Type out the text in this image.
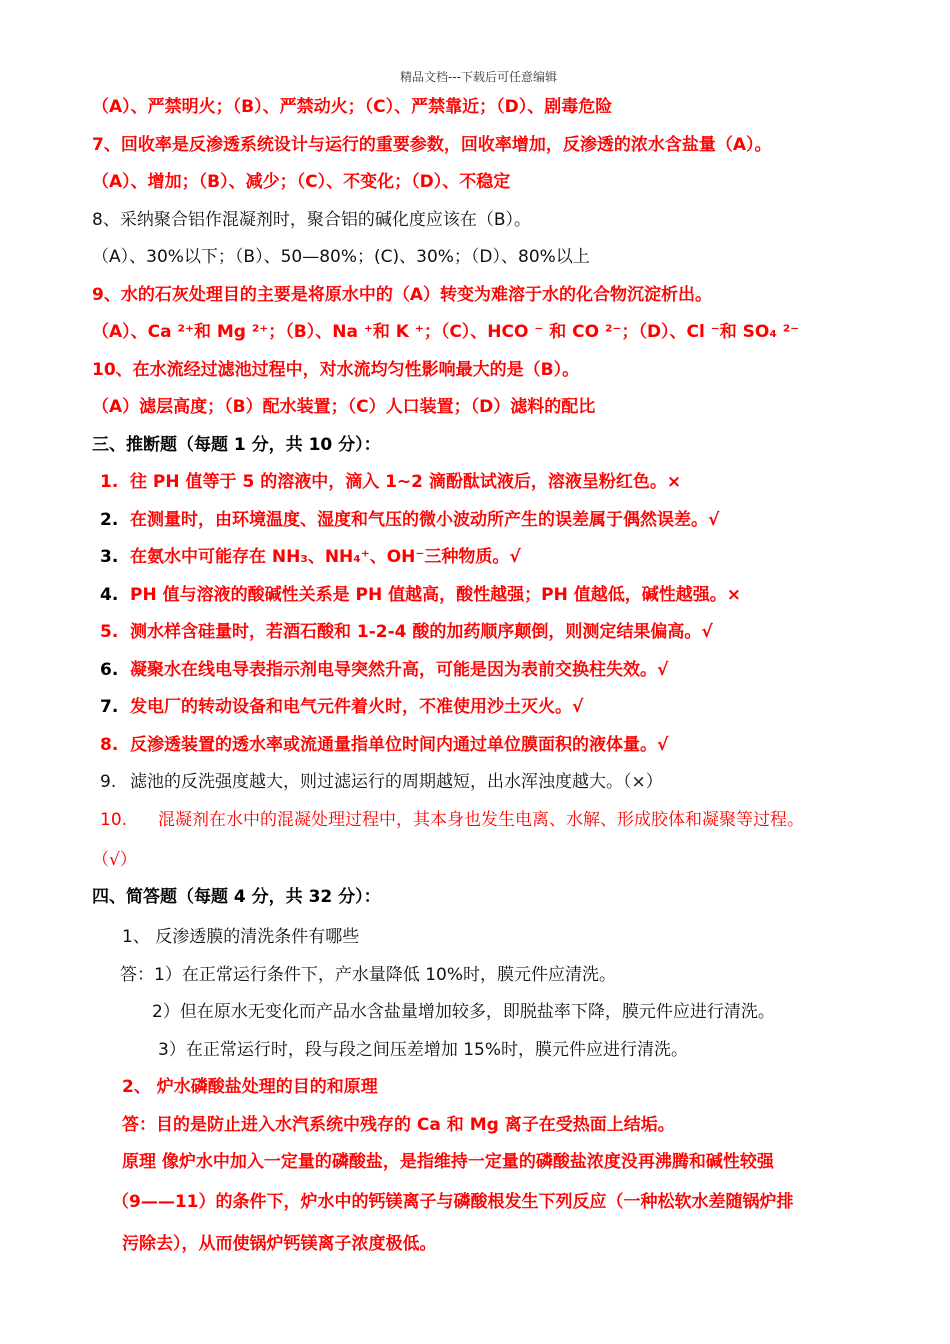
精品文档---下载后可任意编辑
（A）、严禁明火；（B）、严禁动火；（C）、严禁靠近；（D）、剧毒危险
7、回收率是反渗透系统设计与运行的重要参数，回收率增加，反渗透的浓水含盐量（A）。
（A）、增加；（B）、减少；（C）、不变化；（D）、不稳定
8、采纳聚合铝作混凝剂时，聚合铝的碱化度应该在（B）。
（A）、30%以下；（B）、50—80%；(C)、30%；（D）、80%以上
9、水的石灰处理目的主要是将原水中的（A）转变为难溶于水的化合物沉淀析出。
（A）、Ca ²⁺和 Mg ²⁺；（B）、Na ⁺和 K ⁺；（C）、HCO ⁻ 和 CO ²⁻；（D）、Cl ⁻和 SO₄ ²⁻
10、在水流经过滤池过程中，对水流均匀性影响最大的是（B）。
（A）滤层高度；（B）配水装置；（C）人口装置；（D）滤料的配比
三、推断题（每题 1 分，共 10 分）：
1. 往 PH 值等于 5 的溶液中，滴入 1~2 滴酚酞试液后，溶液呈粉红色。×
2. 在测量时，由环境温度、湿度和气压的微小波动所产生的误差属于偶然误差。√
3. 在氨水中可能存在 NH₃、NH₄⁺、OH⁻三种物质。√
4. PH 值与溶液的酸碱性关系是 PH 值越高，酸性越强；PH 值越低，碱性越强。×
5. 测水样含硅量时，若酒石酸和 1-2-4 酸的加药顺序颠倒，则测定结果偏高。√
6. 凝聚水在线电导表指示剂电导突然升高，可能是因为表前交换柱失效。√
7. 发电厂的转动设备和电气元件着火时，不准使用沙土灭火。√
8. 反渗透装置的透水率或流通量指单位时间内通过单位膜面积的液体量。√
9. 滤池的反洗强度越大，则过滤运行的周期越短，出水浑浊度越大。（×）
10. 混凝剂在水中的混凝处理过程中，其本身也发生电离、水解、形成胶体和凝聚等过程。
（√）
四、简答题（每题 4 分，共 32 分）：
1、 反渗透膜的清洗条件有哪些
答：1）在正常运行条件下，产水量降低 10%时，膜元件应清洗。
2）但在原水无变化而产品水含盐量增加较多，即脱盐率下降，膜元件应进行清洗。
3）在正常运行时，段与段之间压差增加 15%时，膜元件应进行清洗。
2、 炉水磷酸盐处理的目的和原理
答：目的是防止进入水汽系统中残存的 Ca 和 Mg 离子在受热面上结垢。
原理 像炉水中加入一定量的磷酸盐，是指维持一定量的磷酸盐浓度没再沸腾和碱性较强
（9——11）的条件下，炉水中的钙镁离子与磷酸根发生下列反应（一种松软水差随锅炉排
污除去），从而使锅炉钙镁离子浓度极低。
